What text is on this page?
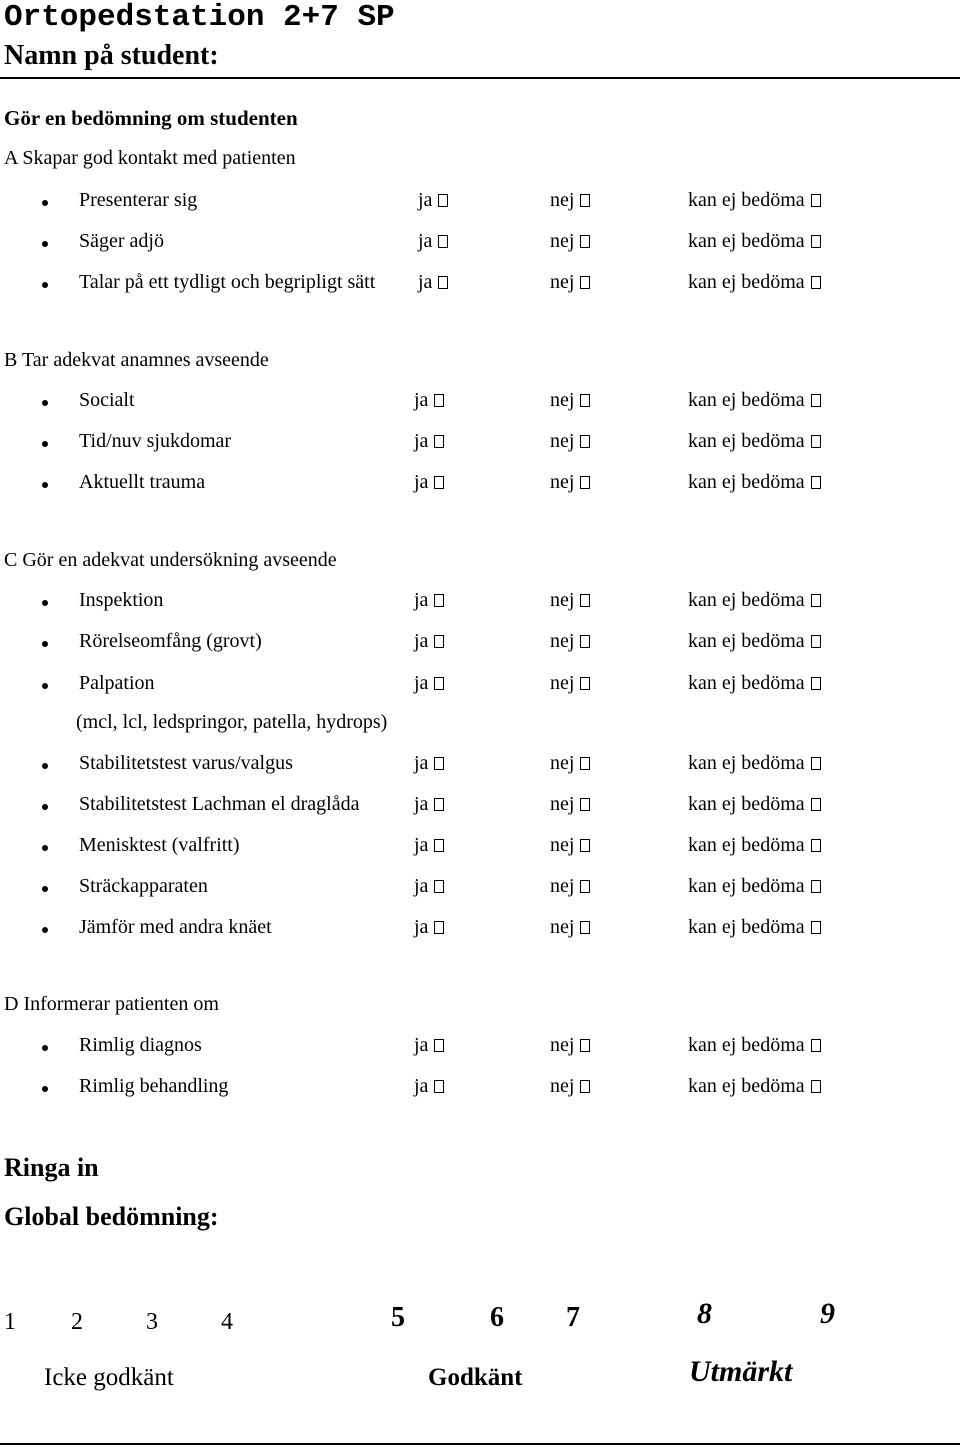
Ortopedstation 2+7 SP
Namn på student:
Gör en bedömning om studenten
A Skapar god kontakt med patienten
Presenterar sig	ja	nej	kan ej bedöma
Säger adjö	ja	nej	kan ej bedöma
Talar på ett tydligt och begripligt sätt ja	nej	kan ej bedöma
B Tar adekvat anamnes avseende
Socialt	ja	nej	kan ej bedöma
Tid/nuv sjukdomar	ja	nej	kan ej bedöma
Aktuellt trauma	ja	nej	kan ej bedöma
C Gör en adekvat undersökning avseende
Inspektion	ja	nej	kan ej bedöma
Rörelseomfång (grovt)	ja	nej	kan ej bedöma
Palpation	ja	nej	kan ej bedöma
Stabilitetstest varus/valgus	ja	nej	kan ej bedöma
Stabilitetstest Lachman el draglåda	ja	nej	kan ej bedöma
Menisktest (valfritt)	ja	nej	kan ej bedöma
Sträckapparaten	ja	nej	kan ej bedöma
Jämför med andra knäet	ja	nej	kan ej bedöma
(mcl, lcl, ledspringor, patella, hydrops)
D Informerar patienten om
Rimlig diagnos	ja	nej	kan ej bedöma
Rimlig behandling	ja	nej	kan ej bedöma
Ringa in
Global bedömning:
1 2	3	4	5	6 7	8	9
Icke godkänt	Godkänt	Utmärkt
